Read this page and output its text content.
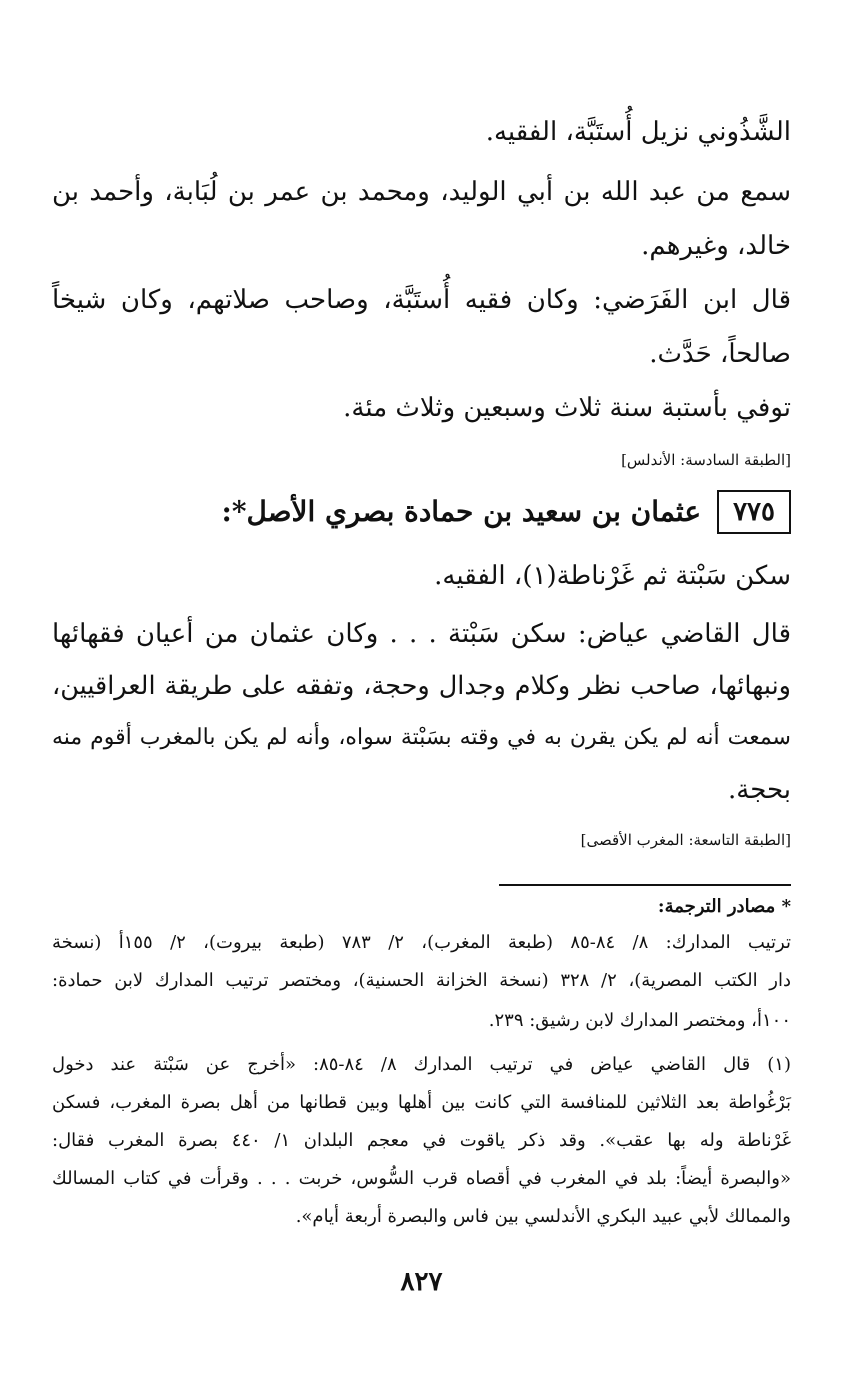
الشَّذُوني نزيل أُستَبَّة، الفقيه.
سمع من عبد الله بن أبي الوليد، ومحمد بن عمر بن لُبَابة، وأحمد بن
خالد، وغيرهم.
قال ابن الفَرَضي: وكان فقيه أُستَبَّة، وصاحب صلاتهم، وكان شيخاً
صالحاً، حَدَّث.
توفي بأستبة سنة ثلاث وسبعين وثلاث مئة.
[الطبقة السادسة: الأندلس]
٧٧٥
عثمان بن سعيد بن حمادة بصري الأصل*:
سكن سَبْتة ثم غَرْناطة(١)، الفقيه.
قال القاضي عياض: سكن سَبْتة . . . وكان عثمان من أعيان فقهائها
ونبهائها، صاحب نظر وكلام وجدال وحجة، وتفقه على طريقة العراقيين،
سمعت أنه لم يكن يقرن به في وقته بسَبْتة سواه، وأنه لم يكن بالمغرب أقوم منه
بحجة.
[الطبقة التاسعة: المغرب الأقصى]
* مصادر الترجمة:
ترتيب المدارك: ٨/ ٨٤-٨٥ (طبعة المغرب)، ٢/ ٧٨٣ (طبعة بيروت)، ٢/ ١٥٥أ (نسخة
دار الكتب المصرية)، ٢/ ٣٢٨ (نسخة الخزانة الحسنية)، ومختصر ترتيب المدارك لابن حمادة:
١٠٠أ، ومختصر المدارك لابن رشيق: ٢٣٩.
(١) قال القاضي عياض في ترتيب المدارك ٨/ ٨٤-٨٥: «أخرج عن سَبْتة عند دخول
بَرْغُواطة بعد الثلاثين للمنافسة التي كانت بين أهلها وبين قطانها من أهل بصرة المغرب، فسكن
غَرْناطة وله بها عقب». وقد ذكر ياقوت في معجم البلدان ١/ ٤٤٠ بصرة المغرب فقال:
«والبصرة أيضاً: بلد في المغرب في أقصاه قرب السُّوس، خربت . . . وقرأت في كتاب المسالك
والممالك لأبي عبيد البكري الأندلسي بين فاس والبصرة أربعة أيام».
٨٢٧
